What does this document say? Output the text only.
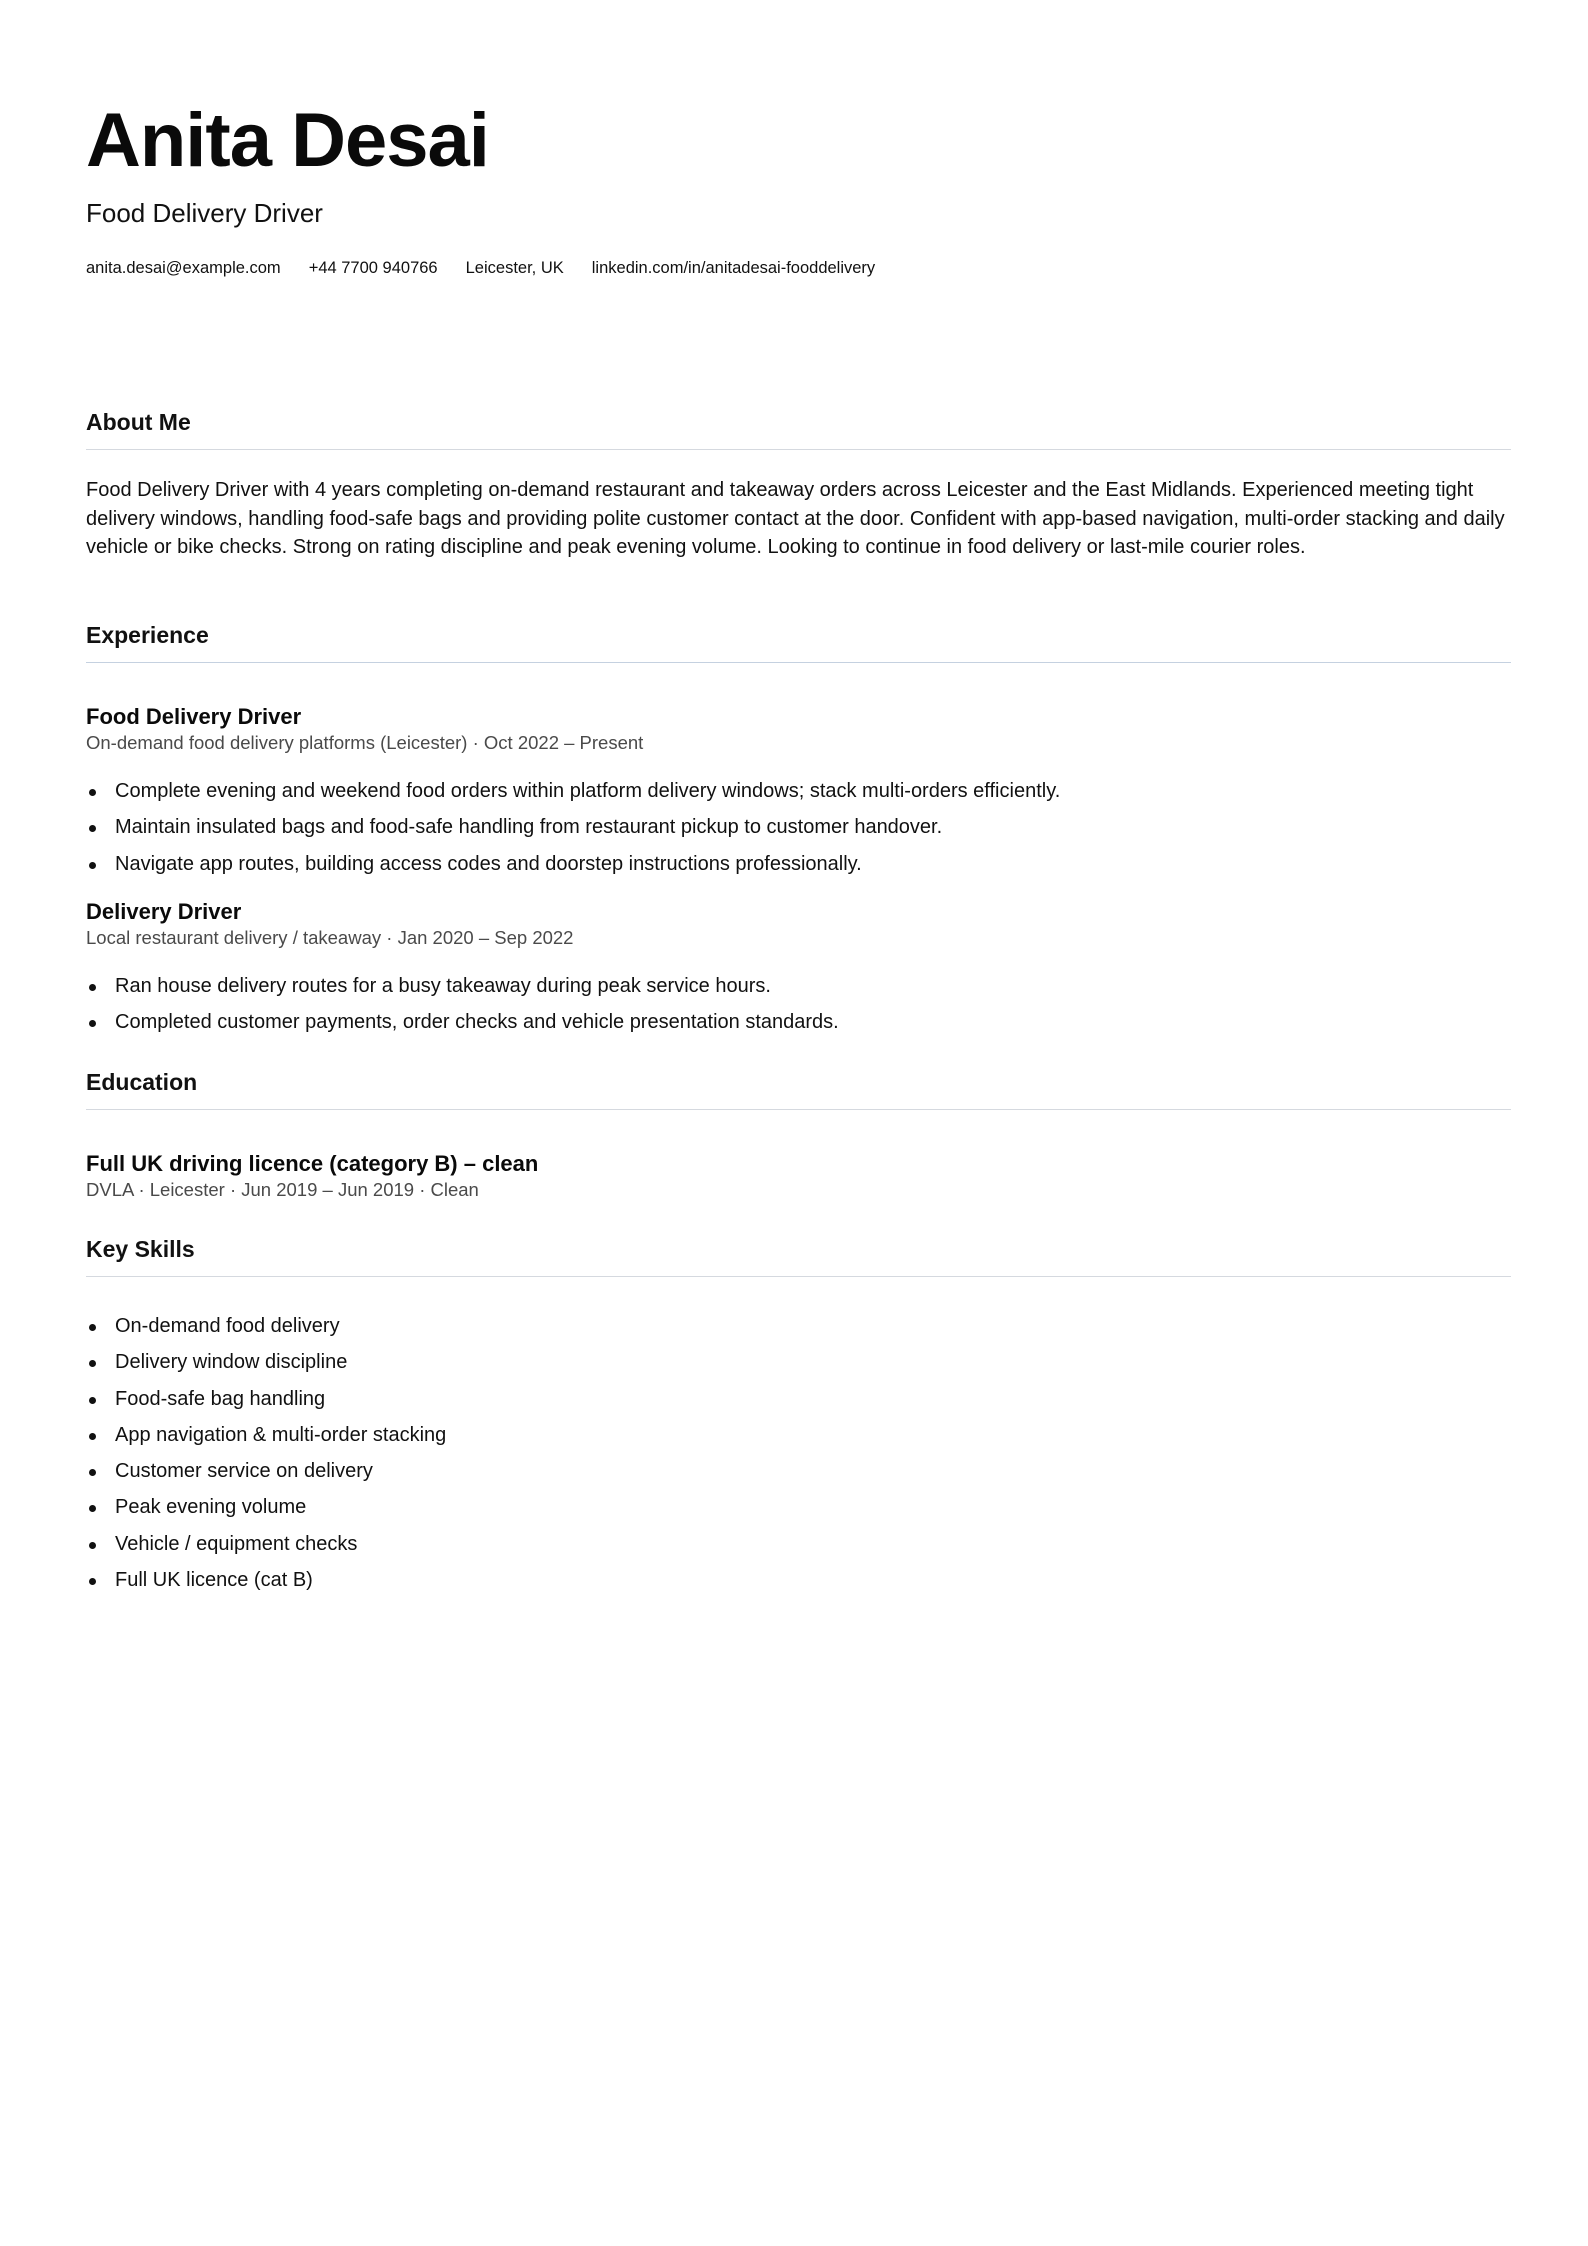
Anita Desai
Food Delivery Driver
anita.desai@example.com +44 7700 940766 Leicester, UK linkedin.com/in/anitadesai-fooddelivery
About Me
Food Delivery Driver with 4 years completing on-demand restaurant and takeaway orders across Leicester and the East Midlands. Experienced meeting tight delivery windows, handling food-safe bags and providing polite customer contact at the door. Confident with app-based navigation, multi-order stacking and daily vehicle or bike checks. Strong on rating discipline and peak evening volume. Looking to continue in food delivery or last-mile courier roles.
Experience
Food Delivery Driver
On-demand food delivery platforms (Leicester) · Oct 2022 – Present
Complete evening and weekend food orders within platform delivery windows; stack multi-orders efficiently.
Maintain insulated bags and food-safe handling from restaurant pickup to customer handover.
Navigate app routes, building access codes and doorstep instructions professionally.
Delivery Driver
Local restaurant delivery / takeaway · Jan 2020 – Sep 2022
Ran house delivery routes for a busy takeaway during peak service hours.
Completed customer payments, order checks and vehicle presentation standards.
Education
Full UK driving licence (category B) – clean
DVLA · Leicester · Jun 2019 – Jun 2019 · Clean
Key Skills
On-demand food delivery
Delivery window discipline
Food-safe bag handling
App navigation & multi-order stacking
Customer service on delivery
Peak evening volume
Vehicle / equipment checks
Full UK licence (cat B)
